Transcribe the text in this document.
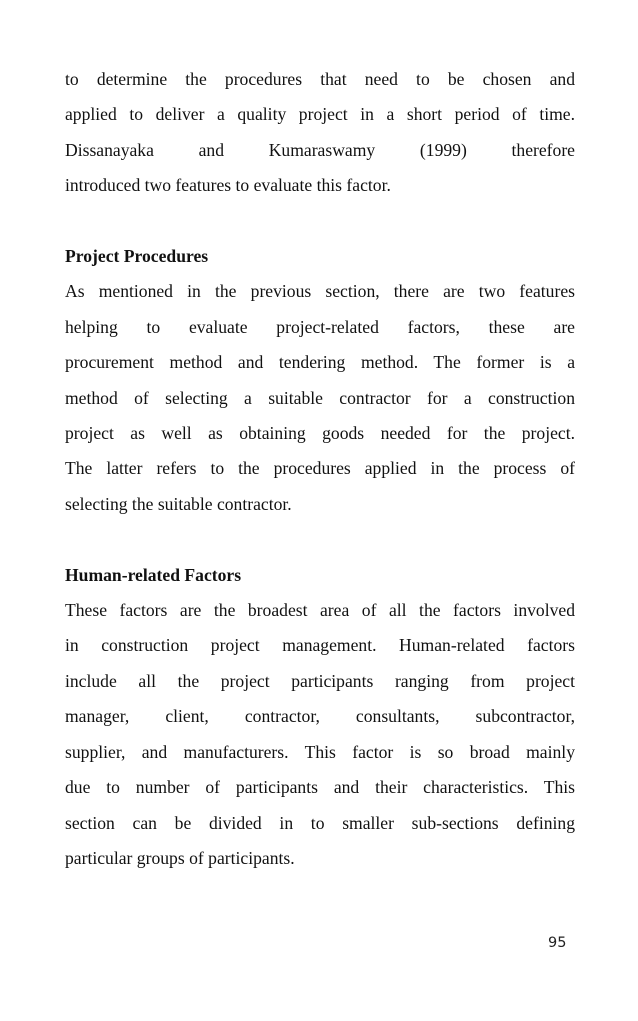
to determine the procedures that need to be chosen and
applied to deliver a quality project in a short period of time.
Dissanayaka and Kumaraswamy (1999) therefore
introduced two features to evaluate this factor.
Project Procedures
As mentioned in the previous section, there are two features
helping to evaluate project-related factors, these are
procurement method and tendering method. The former is a
method of selecting a suitable contractor for a construction
project as well as obtaining goods needed for the project.
The latter refers to the procedures applied in the process of
selecting the suitable contractor.
Human-related Factors
These factors are the broadest area of all the factors involved
in construction project management. Human-related factors
include all the project participants ranging from project
manager, client, contractor, consultants, subcontractor,
supplier, and manufacturers. This factor is so broad mainly
due to number of participants and their characteristics. This
section can be divided in to smaller sub-sections defining
particular groups of participants.
95
